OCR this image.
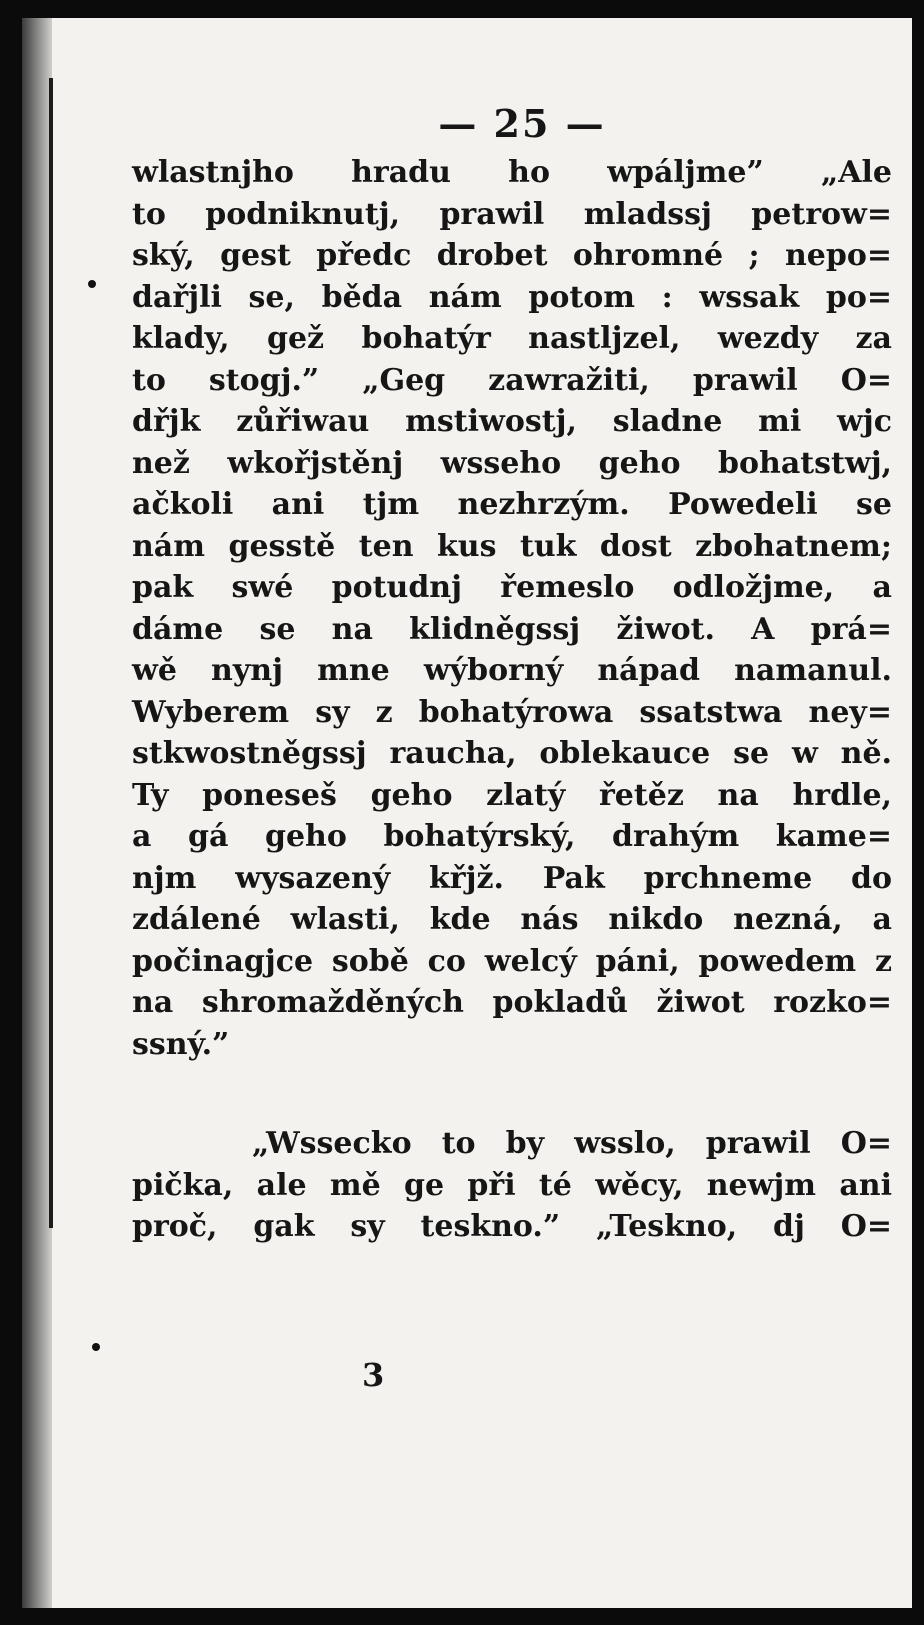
— 25 —
wlastnjho hradu ho wpáljme” „Ale
to podniknutj, prawil mladssj petrow=
ský, gest předc drobet ohromné ; nepo=
dařjli se, běda nám potom : wssak po=
klady, gež bohatýr nastljzel, wezdy za
to stogj.” „Geg zawražiti, prawil O=
dřjk zůřiwau mstiwostj, sladne mi wjc
než wkořjstěnj wsseho geho bohatstwj,
ačkoli ani tjm nezhrzým. Powedeli se
nám gesstě ten kus tuk dost zbohatnem;
pak swé potudnj řemeslo odložjme, a
dáme se na klidněgssj žiwot. A prá=
wě nynj mne wýborný nápad namanul.
Wyberem sy z bohatýrowa ssatstwa ney=
stkwostněgssj raucha, oblekauce se w ně.
Ty poneseš geho zlatý řetěz na hrdle,
a gá geho bohatýrský, drahým kame=
njm wysazený křjž. Pak prchneme do
zdálené wlasti, kde nás nikdo nezná, a
počinagjce sobě co welcý páni, powedem z
na shromažděných pokladů žiwot rozko=
ssný.”
„Wssecko to by wsslo, prawil O=
pička, ale mě ge při té wěcy, newjm ani
proč, gak sy teskno.” „Teskno, dj O=
3
